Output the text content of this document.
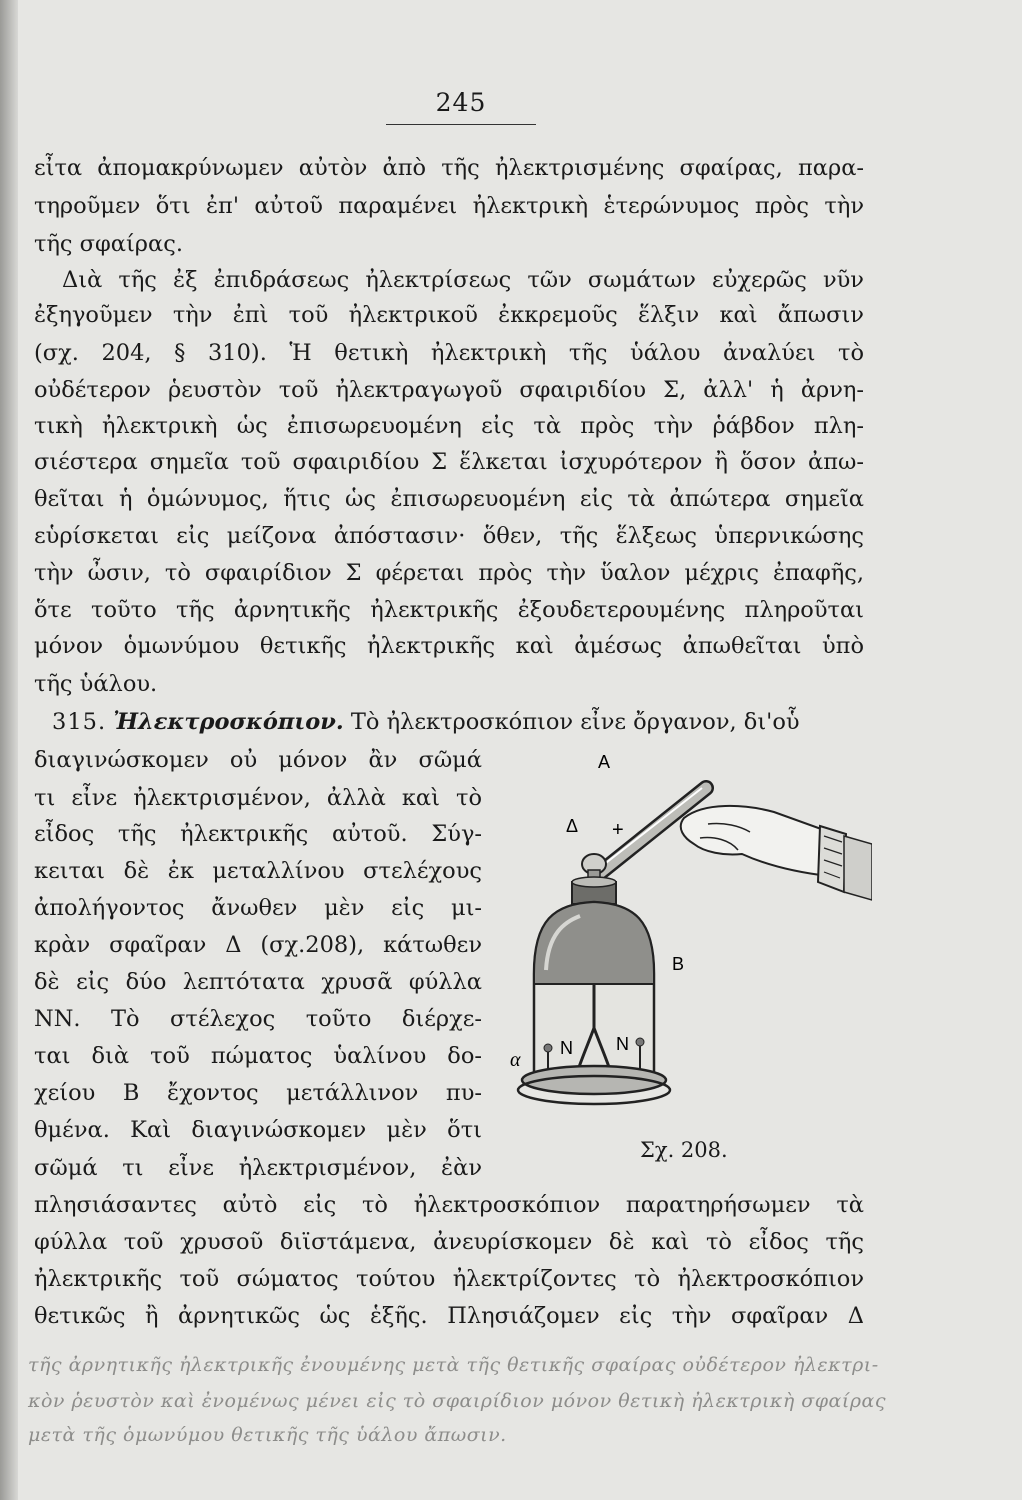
245
εἶτα ἀπομακρύνωμεν αὐτὸν ἀπὸ τῆς ἠλεκτρισμένης σφαίρας, παρα-
τηροῦμεν ὅτι ἐπ' αὐτοῦ παραμένει ἠλεκτρικὴ ἑτερώνυμος πρὸς τὴν
τῆς σφαίρας.
Διὰ τῆς ἐξ ἐπιδράσεως ἠλεκτρίσεως τῶν σωμάτων εὐχερῶς νῦν
ἐξηγοῦμεν τὴν ἐπὶ τοῦ ἠλεκτρικοῦ ἐκκρεμοῦς ἕλξιν καὶ ἄπωσιν
(σχ. 204, § 310). Ἡ θετικὴ ἠλεκτρικὴ τῆς ὑάλου ἀναλύει τὸ
οὐδέτερον ῥευστὸν τοῦ ἠλεκτραγωγοῦ σφαιριδίου Σ, ἀλλ' ἡ ἀρνη-
τικὴ ἠλεκτρικὴ ὡς ἐπισωρευομένη εἰς τὰ πρὸς τὴν ῥάβδον πλη-
σιέστερα σημεῖα τοῦ σφαιριδίου Σ ἕλκεται ἰσχυρότερον ἢ ὅσον ἀπω-
θεῖται ἡ ὁμώνυμος, ἥτις ὡς ἐπισωρευομένη εἰς τὰ ἀπώτερα σημεῖα
εὑρίσκεται εἰς μείζονα ἀπόστασιν· ὅθεν, τῆς ἕλξεως ὑπερνικώσης
τὴν ὦσιν, τὸ σφαιρίδιον Σ φέρεται πρὸς τὴν ὕαλον μέχρις ἐπαφῆς,
ὅτε τοῦτο τῆς ἀρνητικῆς ἠλεκτρικῆς ἐξουδετερουμένης πληροῦται
μόνον ὁμωνύμου θετικῆς ἠλεκτρικῆς καὶ ἀμέσως ἀπωθεῖται ὑπὸ
τῆς ὑάλου.
315. Ἠλεκτροσκόπιον. Τὸ ἠλεκτροσκόπιον εἶνε ὄργανον, δι'οὗ
διαγινώσκομεν οὐ μόνον ἂν σῶμά
τι εἶνε ἠλεκτρισμένον, ἀλλὰ καὶ τὸ
εἶδος τῆς ἠλεκτρικῆς αὐτοῦ. Σύγ-
κειται δὲ ἐκ μεταλλίνου στελέχους
ἀπολήγοντος ἄνωθεν μὲν εἰς μι-
κρὰν σφαῖραν Δ (σχ.208), κάτωθεν
δὲ εἰς δύο λεπτότατα χρυσᾶ φύλλα
ΝΝ. Τὸ στέλεχος τοῦτο διέρχε-
ται διὰ τοῦ πώματος ὑαλίνου δο-
χείου Β ἔχοντος μετάλλινον πυ-
θμένα. Καὶ διαγινώσκομεν μὲν ὅτι
σῶμά τι εἶνε ἠλεκτρισμένον, ἐὰν
πλησιάσαντες αὐτὸ εἰς τὸ ἠλεκτροσκόπιον παρατηρήσωμεν τὰ
φύλλα τοῦ χρυσοῦ διϊστάμενα, ἀνευρίσκομεν δὲ καὶ τὸ εἶδος τῆς
ἠλεκτρικῆς τοῦ σώματος τούτου ἠλεκτρίζοντες τὸ ἠλεκτροσκόπιον
θετικῶς ἢ ἀρνητικῶς ὡς ἑξῆς. Πλησιάζομεν εἰς τὴν σφαῖραν Δ
A
Δ +
B
N N
α
Σχ. 208.
τῆς ἀρνητικῆς ἠλεκτρικῆς ἐνουμένης μετὰ τῆς θετικῆς σφαίρας οὐδέτερον ἠλεκτρι-
κὸν ῥευστὸν καὶ ἐνομένως μένει εἰς τὸ σφαιρίδιον μόνον θετικὴ ἠλεκτρικὴ σφαίρας
μετὰ τῆς ὁμωνύμου θετικῆς τῆς ὑάλου ἄπωσιν.
